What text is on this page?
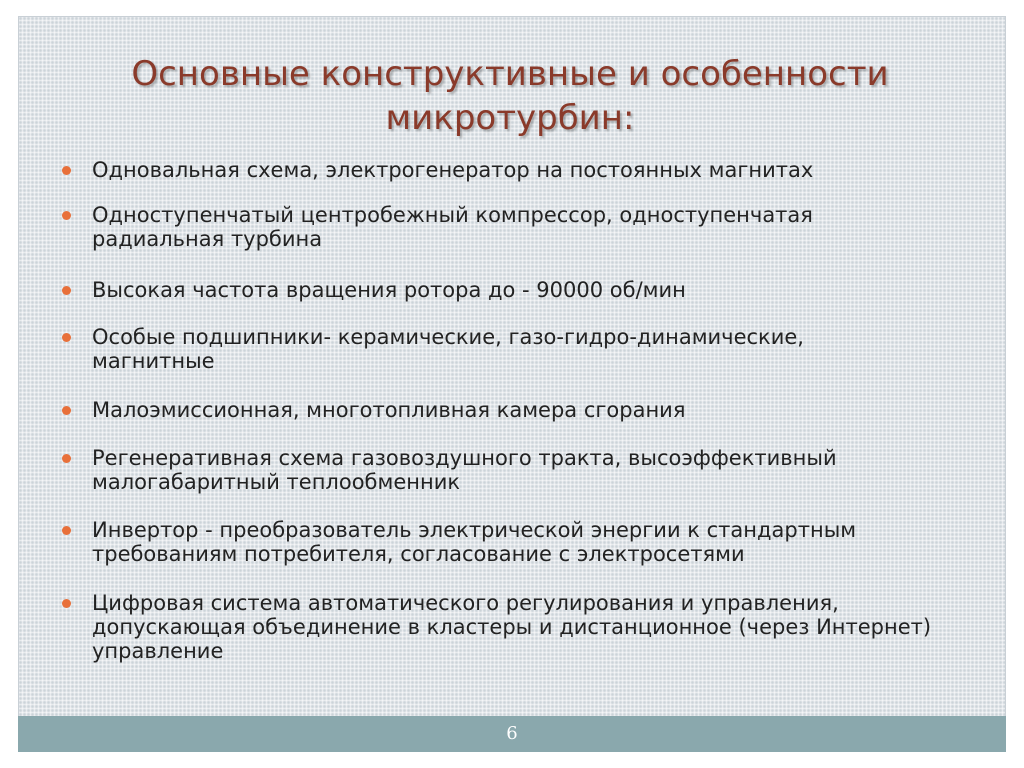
Основные конструктивные и особенности
микротурбин:
Одновальная схема, электрогенератор на постоянных магнитах
Одноступенчатый центробежный компрессор, одноступенчатая
радиальная турбина
Высокая частота вращения ротора до - 90000 об/мин
Особые подшипники- керамические, газо-гидро-динамические,
магнитные
Малоэмиссионная, многотопливная камера сгорания
Регенеративная схема газовоздушного тракта, высоэффективный
малогабаритный теплообменник
Инвертор - преобразователь электрической энергии к стандартным
требованиям потребителя, согласование с электросетями
Цифровая система автоматического регулирования и управления,
допускающая объединение в кластеры и дистанционное (через Интернет)
управление
6
